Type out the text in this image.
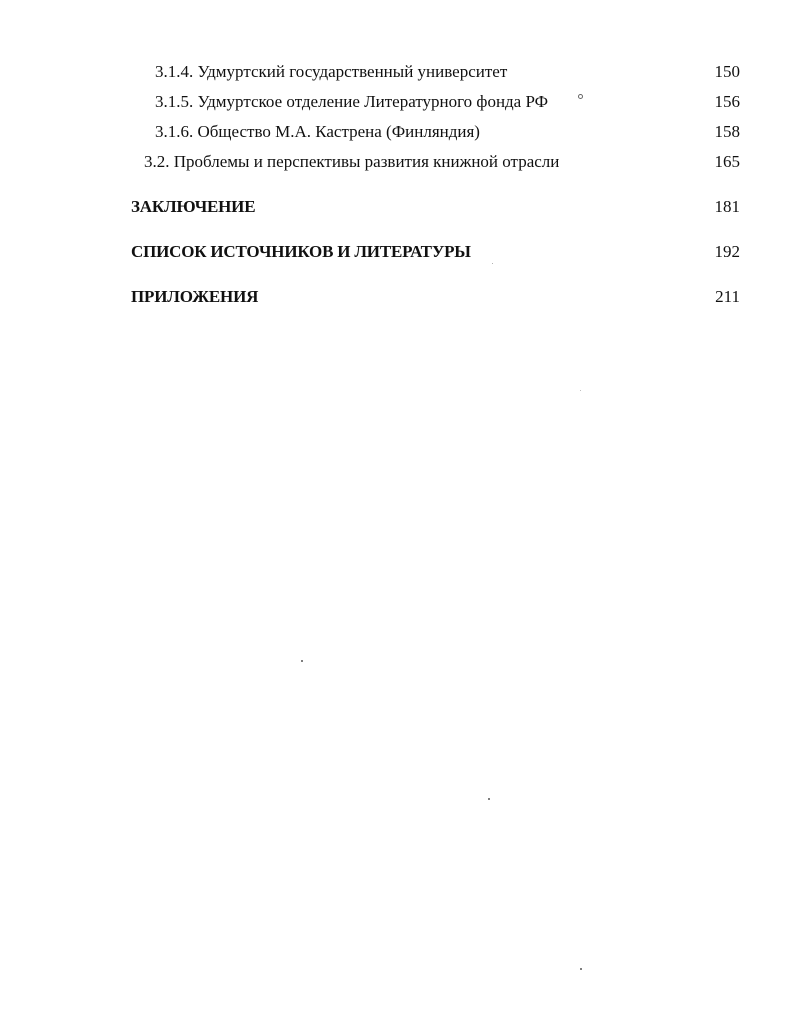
3.1.4. Удмуртский государственный университет	150
3.1.5. Удмуртское отделение Литературного фонда РФ	156
3.1.6. Общество М.А. Кастрена (Финляндия)	158
3.2. Проблемы и перспективы развития книжной отрасли	165
ЗАКЛЮЧЕНИЕ	181
СПИСОК ИСТОЧНИКОВ И ЛИТЕРАТУРЫ	192
ПРИЛОЖЕНИЯ	211
